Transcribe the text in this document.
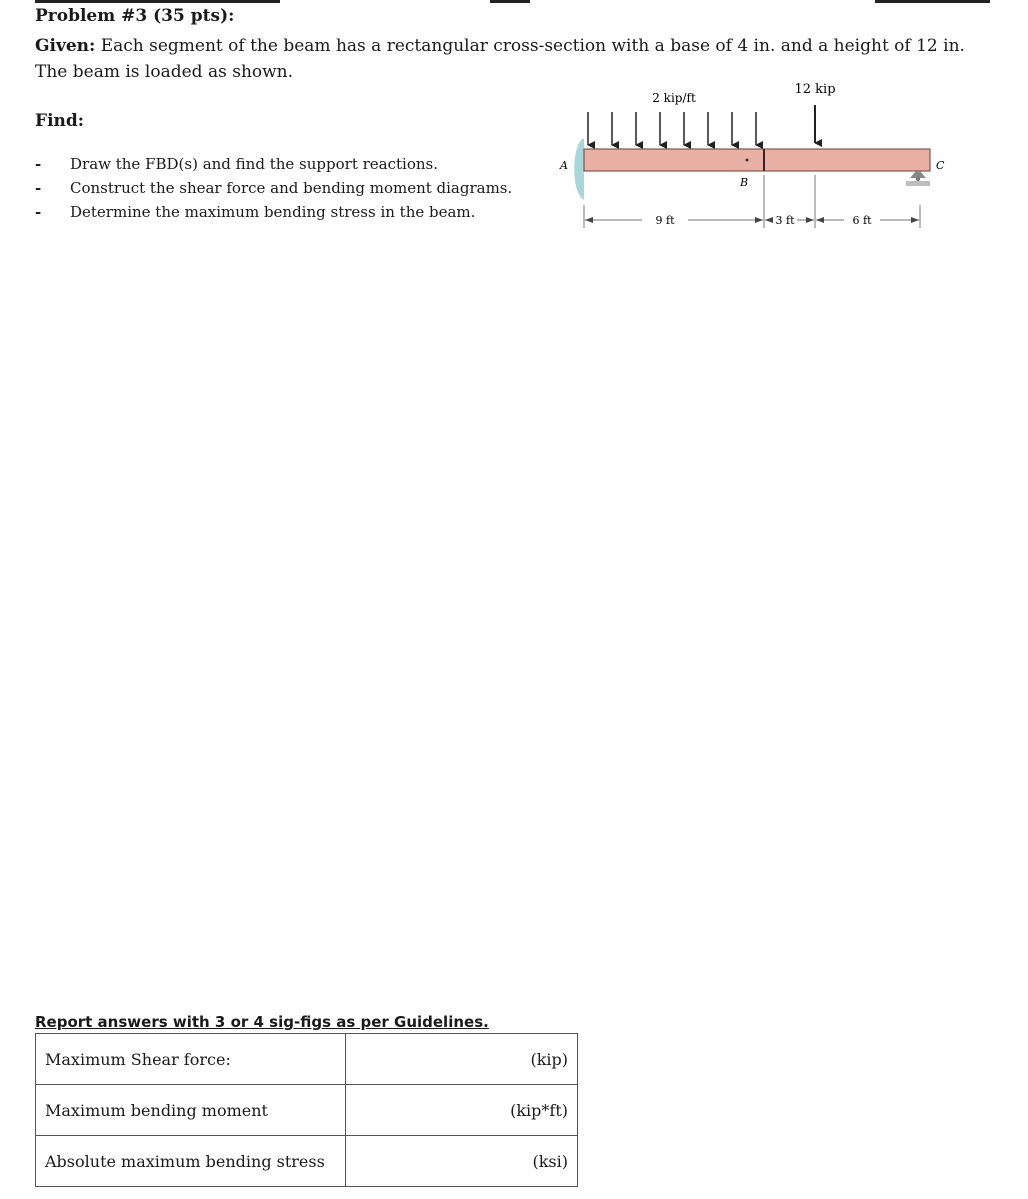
Problem #3 (35 pts):
Given: Each segment of the beam has a rectangular cross-section with a base of 4 in. and a height of 12 in. The beam is loaded as shown.
Find:
- Draw the FBD(s) and find the support reactions.
- Construct the shear force and bending moment diagrams.
- Determine the maximum bending stress in the beam.
A
B
C
2 kip/ft
12 kip
9 ft	3 ft	6 ft
Report answers with 3 or 4 sig-figs as per Guidelines.
Maximum Shear force:	(kip)
Maximum bending moment	(kip*ft)
Absolute maximum bending stress	(ksi)
